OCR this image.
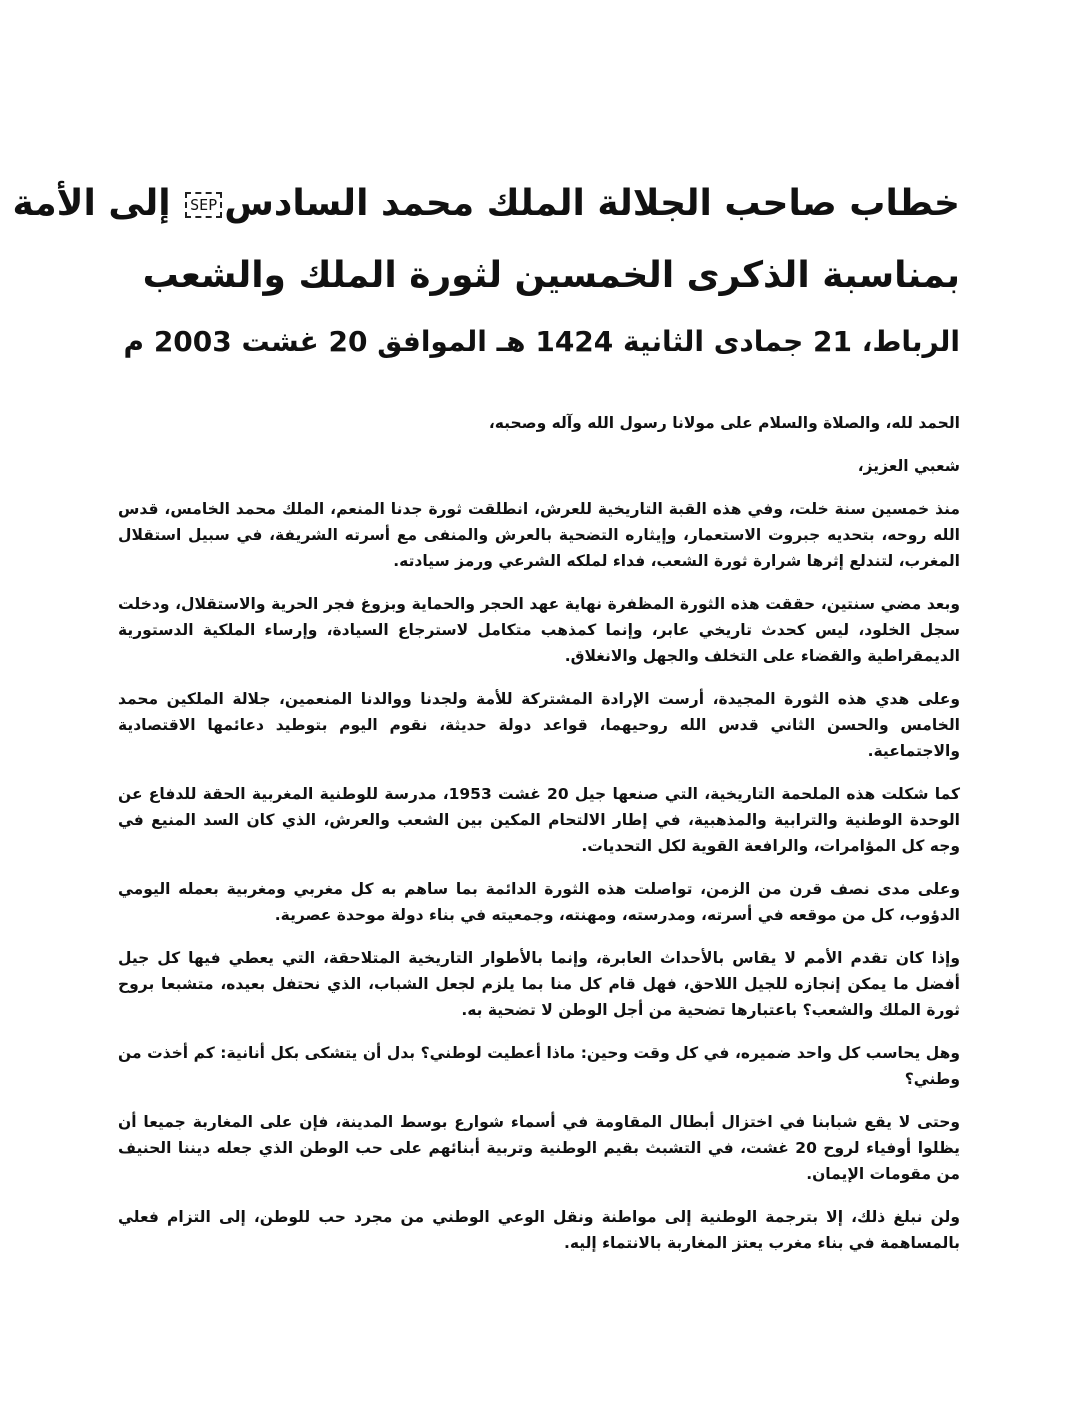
خطاب صاحب الجلالة الملك محمد السادسSEP إلى الأمة
بمناسبة الذكرى الخمسين لثورة الملك والشعب
الرباط، 21 جمادى الثانية 1424 هـ الموافق 20 غشت 2003 م

الحمد لله، والصلاة والسلام على مولانا رسول الله وآله وصحبه،

شعبي العزيز،

منذ خمسين سنة خلت، وفي هذه القبة التاريخية للعرش، انطلقت ثورة جدنا المنعم، الملك محمد الخامس، قدس الله روحه، بتحديه جبروت الاستعمار، وإيثاره التضحية بالعرش والمنفى مع أسرته الشريفة، في سبيل استقلال المغرب، لتندلع إثرها شرارة ثورة الشعب، فداء لملكه الشرعي ورمز سيادته.

وبعد مضي سنتين، حققت هذه الثورة المظفرة نهاية عهد الحجر والحماية وبزوغ فجر الحرية والاستقلال، ودخلت سجل الخلود، ليس كحدث تاريخي عابر، وإنما كمذهب متكامل لاسترجاع السيادة، وإرساء الملكية الدستورية الديمقراطية والقضاء على التخلف والجهل والانغلاق.

وعلى هدي هذه الثورة المجيدة، أرست الإرادة المشتركة للأمة ولجدنا ووالدنا المنعمين، جلالة الملكين محمد الخامس والحسن الثاني قدس الله روحيهما، قواعد دولة حديثة، نقوم اليوم بتوطيد دعائمها الاقتصادية والاجتماعية.

كما شكلت هذه الملحمة التاريخية، التي صنعها جيل 20 غشت 1953، مدرسة للوطنية المغربية الحقة للدفاع عن الوحدة الوطنية والترابية والمذهبية، في إطار الالتحام المكين بين الشعب والعرش، الذي كان السد المنيع في وجه كل المؤامرات، والرافعة القوية لكل التحديات.

وعلى مدى نصف قرن من الزمن، تواصلت هذه الثورة الدائمة بما ساهم به كل مغربي ومغربية بعمله اليومي الدؤوب، كل من موقعه في أسرته، ومدرسته، ومهنته، وجمعيته في بناء دولة موحدة عصرية.

وإذا كان تقدم الأمم لا يقاس بالأحداث العابرة، وإنما بالأطوار التاريخية المتلاحقة، التي يعطي فيها كل جيل أفضل ما يمكن إنجازه للجيل اللاحق، فهل قام كل منا بما يلزم لجعل الشباب، الذي نحتفل بعيده، متشبعا بروح ثورة الملك والشعب؟ باعتبارها تضحية من أجل الوطن لا تضحية به.

وهل يحاسب كل واحد ضميره، في كل وقت وحين: ماذا أعطيت لوطني؟ بدل أن يتشكى بكل أنانية: كم أخذت من وطني؟

وحتى لا يقع شبابنا في اختزال أبطال المقاومة في أسماء شوارع بوسط المدينة، فإن على المغاربة جميعا أن يظلوا أوفياء لروح 20 غشت، في التشبث بقيم الوطنية وتربية أبنائهم على حب الوطن الذي جعله ديننا الحنيف من مقومات الإيمان.

ولن نبلغ ذلك، إلا بترجمة الوطنية إلى مواطنة ونقل الوعي الوطني من مجرد حب للوطن، إلى التزام فعلي بالمساهمة في بناء مغرب يعتز المغاربة بالانتماء إليه.
